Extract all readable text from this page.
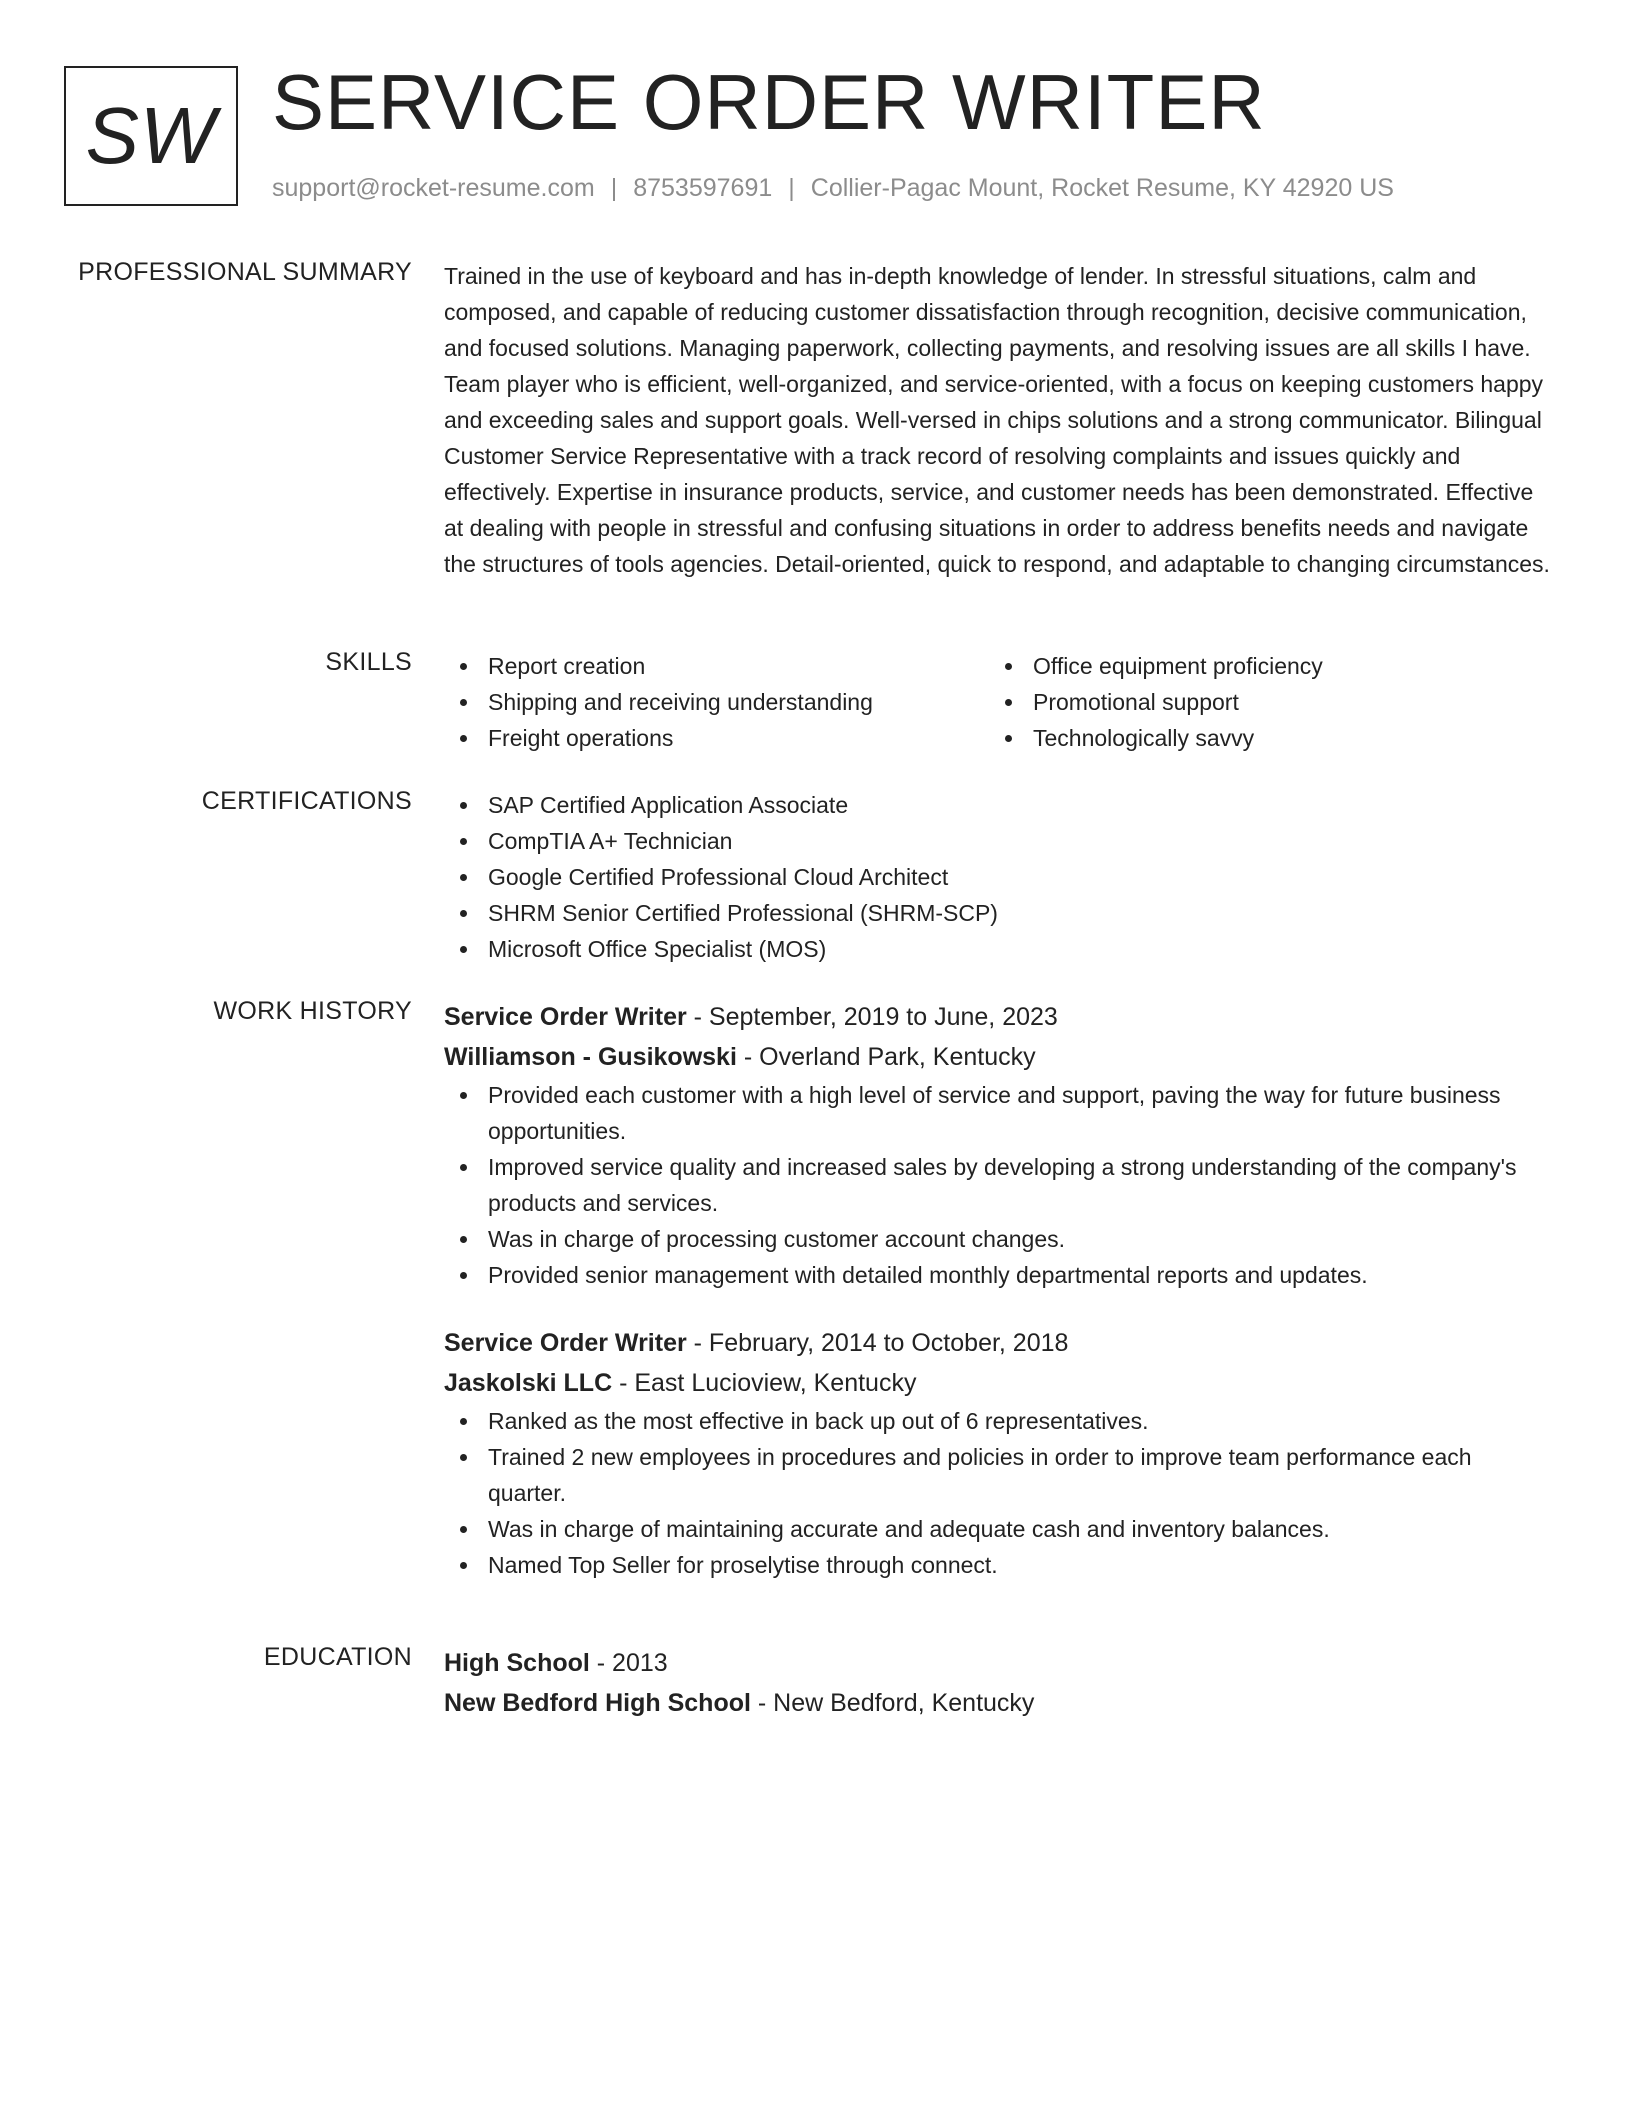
SW SERVICE ORDER WRITER
support@rocket-resume.com | 8753597691 | Collier-Pagac Mount, Rocket Resume, KY 42920 US
PROFESSIONAL SUMMARY Trained in the use of keyboard and has in-depth knowledge of lender. In stressful situations, calm and composed, and capable of reducing customer dissatisfaction through recognition, decisive communication, and focused solutions. Managing paperwork, collecting payments, and resolving issues are all skills I have. Team player who is efficient, well-organized, and service-oriented, with a focus on keeping customers happy and exceeding sales and support goals. Well-versed in chips solutions and a strong communicator. Bilingual Customer Service Representative with a track record of resolving complaints and issues quickly and effectively. Expertise in insurance products, service, and customer needs has been demonstrated. Effective at dealing with people in stressful and confusing situations in order to address benefits needs and navigate the structures of tools agencies. Detail-oriented, quick to respond, and adaptable to changing circumstances.

SKILLS	Report creation
Shipping and receiving understanding
Freight operations
Office equipment proficiency
Promotional support
Technologically savvy
CERTIFICATIONS	SAP Certified Application Associate
CompTIA A+ Technician
Google Certified Professional Cloud Architect
SHRM Senior Certified Professional (SHRM-SCP)
Microsoft Office Specialist (MOS)
WORK HISTORY Service Order Writer - September, 2019 to June, 2023
Williamson - Gusikowski - Overland Park, Kentucky
Provided each customer with a high level of service and support, paving the way for future business opportunities.
Improved service quality and increased sales by developing a strong understanding of the company's products and services.
Was in charge of processing customer account changes.
Provided senior management with detailed monthly departmental reports and updates.
Service Order Writer - February, 2014 to October, 2018
Jaskolski LLC - East Lucioview, Kentucky
Ranked as the most effective in back up out of 6 representatives.
Trained 2 new employees in procedures and policies in order to improve team performance each quarter.
Was in charge of maintaining accurate and adequate cash and inventory balances.
Named Top Seller for proselytise through connect.
EDUCATION High School - 2013
New Bedford High School - New Bedford, Kentucky
